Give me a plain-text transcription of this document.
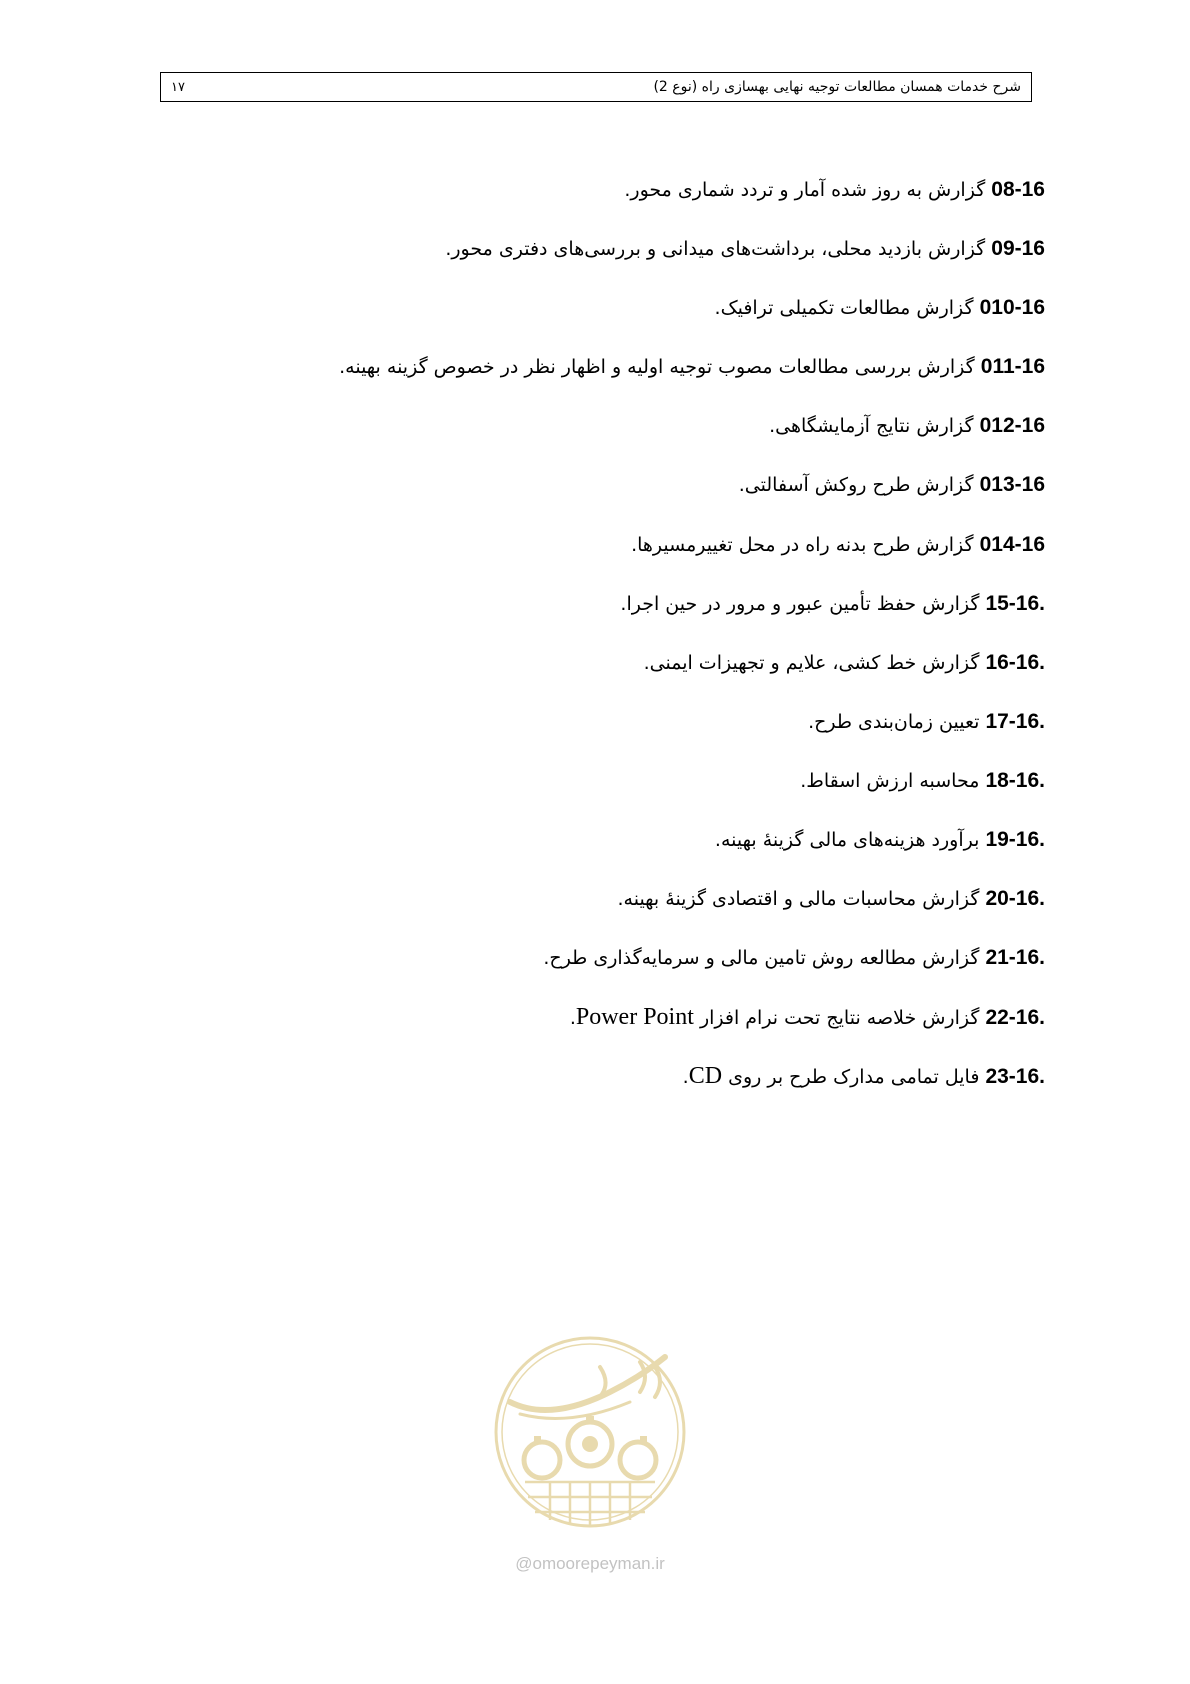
۱۷	شرح خدمات همسان مطالعات توجیه نهایی بهسازی راه (نوع 2)
08-16 گزارش به روز شده آمار و تردد شماری محور.
09-16 گزارش بازدید محلی، برداشت‌های میدانی و بررسی‌های دفتری محور.
010-16 گزارش مطالعات تکمیلی ترافیک.
011-16 گزارش بررسی مطالعات مصوب توجیه اولیه و اظهار نظر در خصوص گزینه بهینه.
012-16 گزارش نتایج آزمایشگاهی.
013-16 گزارش طرح روکش آسفالتی.
014-16 گزارش طرح بدنه راه در محل تغییرمسیرها.
15-16. گزارش حفظ تأمین عبور و مرور در حین اجرا.
16-16. گزارش خط کشی، علایم و تجهیزات ایمنی.
17-16. تعیین زمان‌بندی طرح.
18-16. محاسبه ارزش اسقاط.
19-16. برآورد هزینه‌های مالی گزینهٔ بهینه.
20-16. گزارش محاسبات مالی و اقتصادی گزینهٔ بهینه.
21-16. گزارش مطالعه روش تامین مالی و سرمایه‌گذاری طرح.
22-16. گزارش خلاصه نتایج تحت نرام افزار Power Point.
23-16. فایل تمامی مدارک طرح بر روی CD.
@omoorepeyman.ir
